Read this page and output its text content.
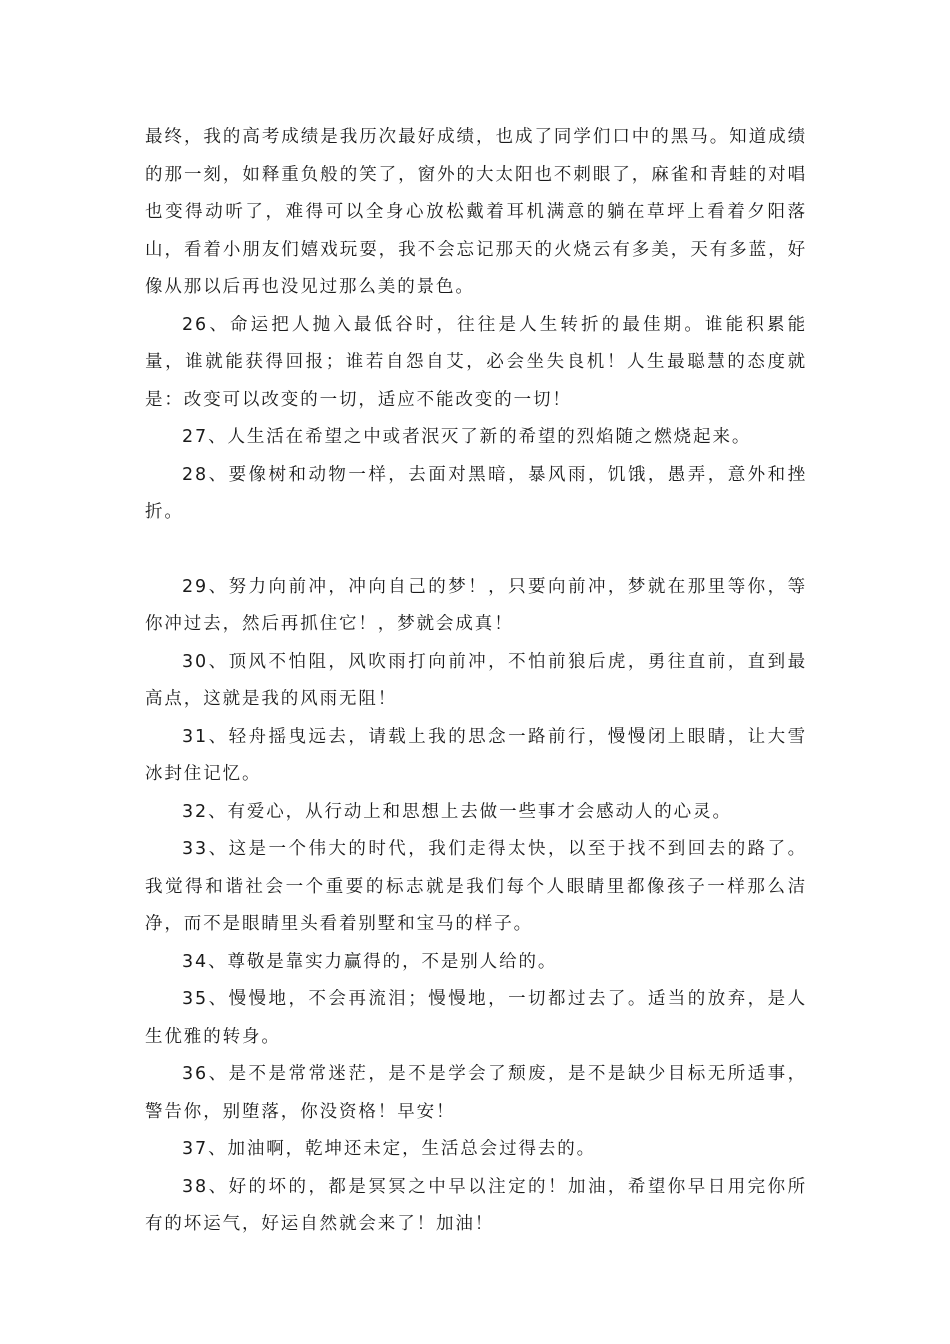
最终，我的高考成绩是我历次最好成绩，也成了同学们口中的黑马。知道成绩的那一刻，如释重负般的笑了，窗外的大太阳也不刺眼了，麻雀和青蛙的对唱也变得动听了，难得可以全身心放松戴着耳机满意的躺在草坪上看着夕阳落山，看着小朋友们嬉戏玩耍，我不会忘记那天的火烧云有多美，天有多蓝，好像从那以后再也没见过那么美的景色。

26、命运把人抛入最低谷时，往往是人生转折的最佳期。谁能积累能量，谁就能获得回报；谁若自怨自艾，必会坐失良机！人生最聪慧的态度就是：改变可以改变的一切，适应不能改变的一切！

27、人生活在希望之中或者泯灭了新的希望的烈焰随之燃烧起来。

28、要像树和动物一样，去面对黑暗，暴风雨，饥饿，愚弄，意外和挫折。

29、努力向前冲，冲向自己的梦！，只要向前冲，梦就在那里等你，等你冲过去，然后再抓住它！，梦就会成真！

30、顶风不怕阻，风吹雨打向前冲，不怕前狼后虎，勇往直前，直到最高点，这就是我的风雨无阻！

31、轻舟摇曳远去，请载上我的思念一路前行，慢慢闭上眼睛，让大雪冰封住记忆。

32、有爱心，从行动上和思想上去做一些事才会感动人的心灵。

33、这是一个伟大的时代，我们走得太快，以至于找不到回去的路了。我觉得和谐社会一个重要的标志就是我们每个人眼睛里都像孩子一样那么洁净，而不是眼睛里头看着别墅和宝马的样子。

34、尊敬是靠实力赢得的，不是别人给的。

35、慢慢地，不会再流泪；慢慢地，一切都过去了。适当的放弃，是人生优雅的转身。

36、是不是常常迷茫，是不是学会了颓废，是不是缺少目标无所适事，警告你，别堕落，你没资格！早安！

37、加油啊，乾坤还未定，生活总会过得去的。

38、好的坏的，都是冥冥之中早以注定的！加油，希望你早日用完你所有的坏运气，好运自然就会来了！加油！
